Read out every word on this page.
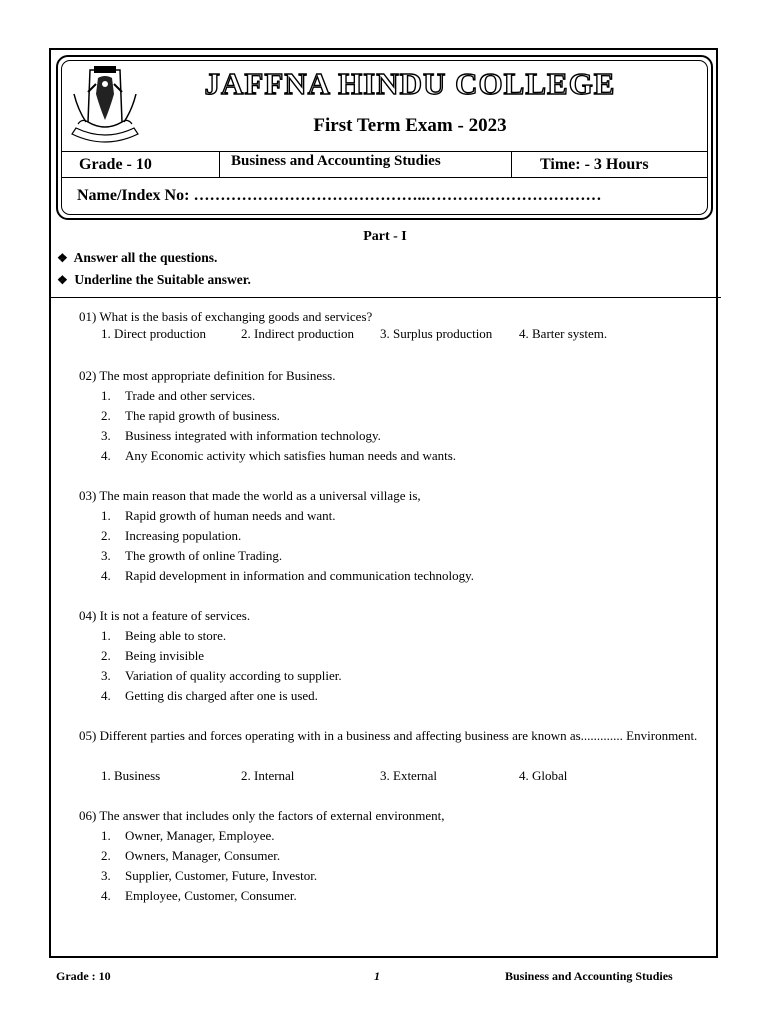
JAFFNA HINDU COLLEGE
First Term Exam - 2023
Grade - 10	Business and Accounting Studies	Time: - 3 Hours
Name/Index No: ……………………………………..……………………………
Part - I
❖ Answer all the questions.
❖ Underline the Suitable answer.
01) What is the basis of exchanging goods and services?
1. Direct production	2. Indirect production 3. Surplus production 4. Barter system.
02) The most appropriate definition for Business.
1. Trade and other services.
2. The rapid growth of business.
3. Business integrated with information technology.
4. Any Economic activity which satisfies human needs and wants.
03) The main reason that made the world as a universal village is,
1. Rapid growth of human needs and want.
2. Increasing population.
3. The growth of online Trading.
4. Rapid development in information and communication technology.
04) It is not a feature of services.
1. Being able to store.
2. Being invisible
3. Variation of quality according to supplier.
4. Getting dis charged after one is used.
05) Different parties and forces operating with in a business and affecting business are known as............. Environment.
1. Business	2. Internal	3. External	4. Global
06) The answer that includes only the factors of external environment,
1. Owner, Manager, Employee.
2. Owners, Manager, Consumer.
3. Supplier, Customer, Future, Investor.
4. Employee, Customer, Consumer.
Grade : 10	1	Business and Accounting Studies
